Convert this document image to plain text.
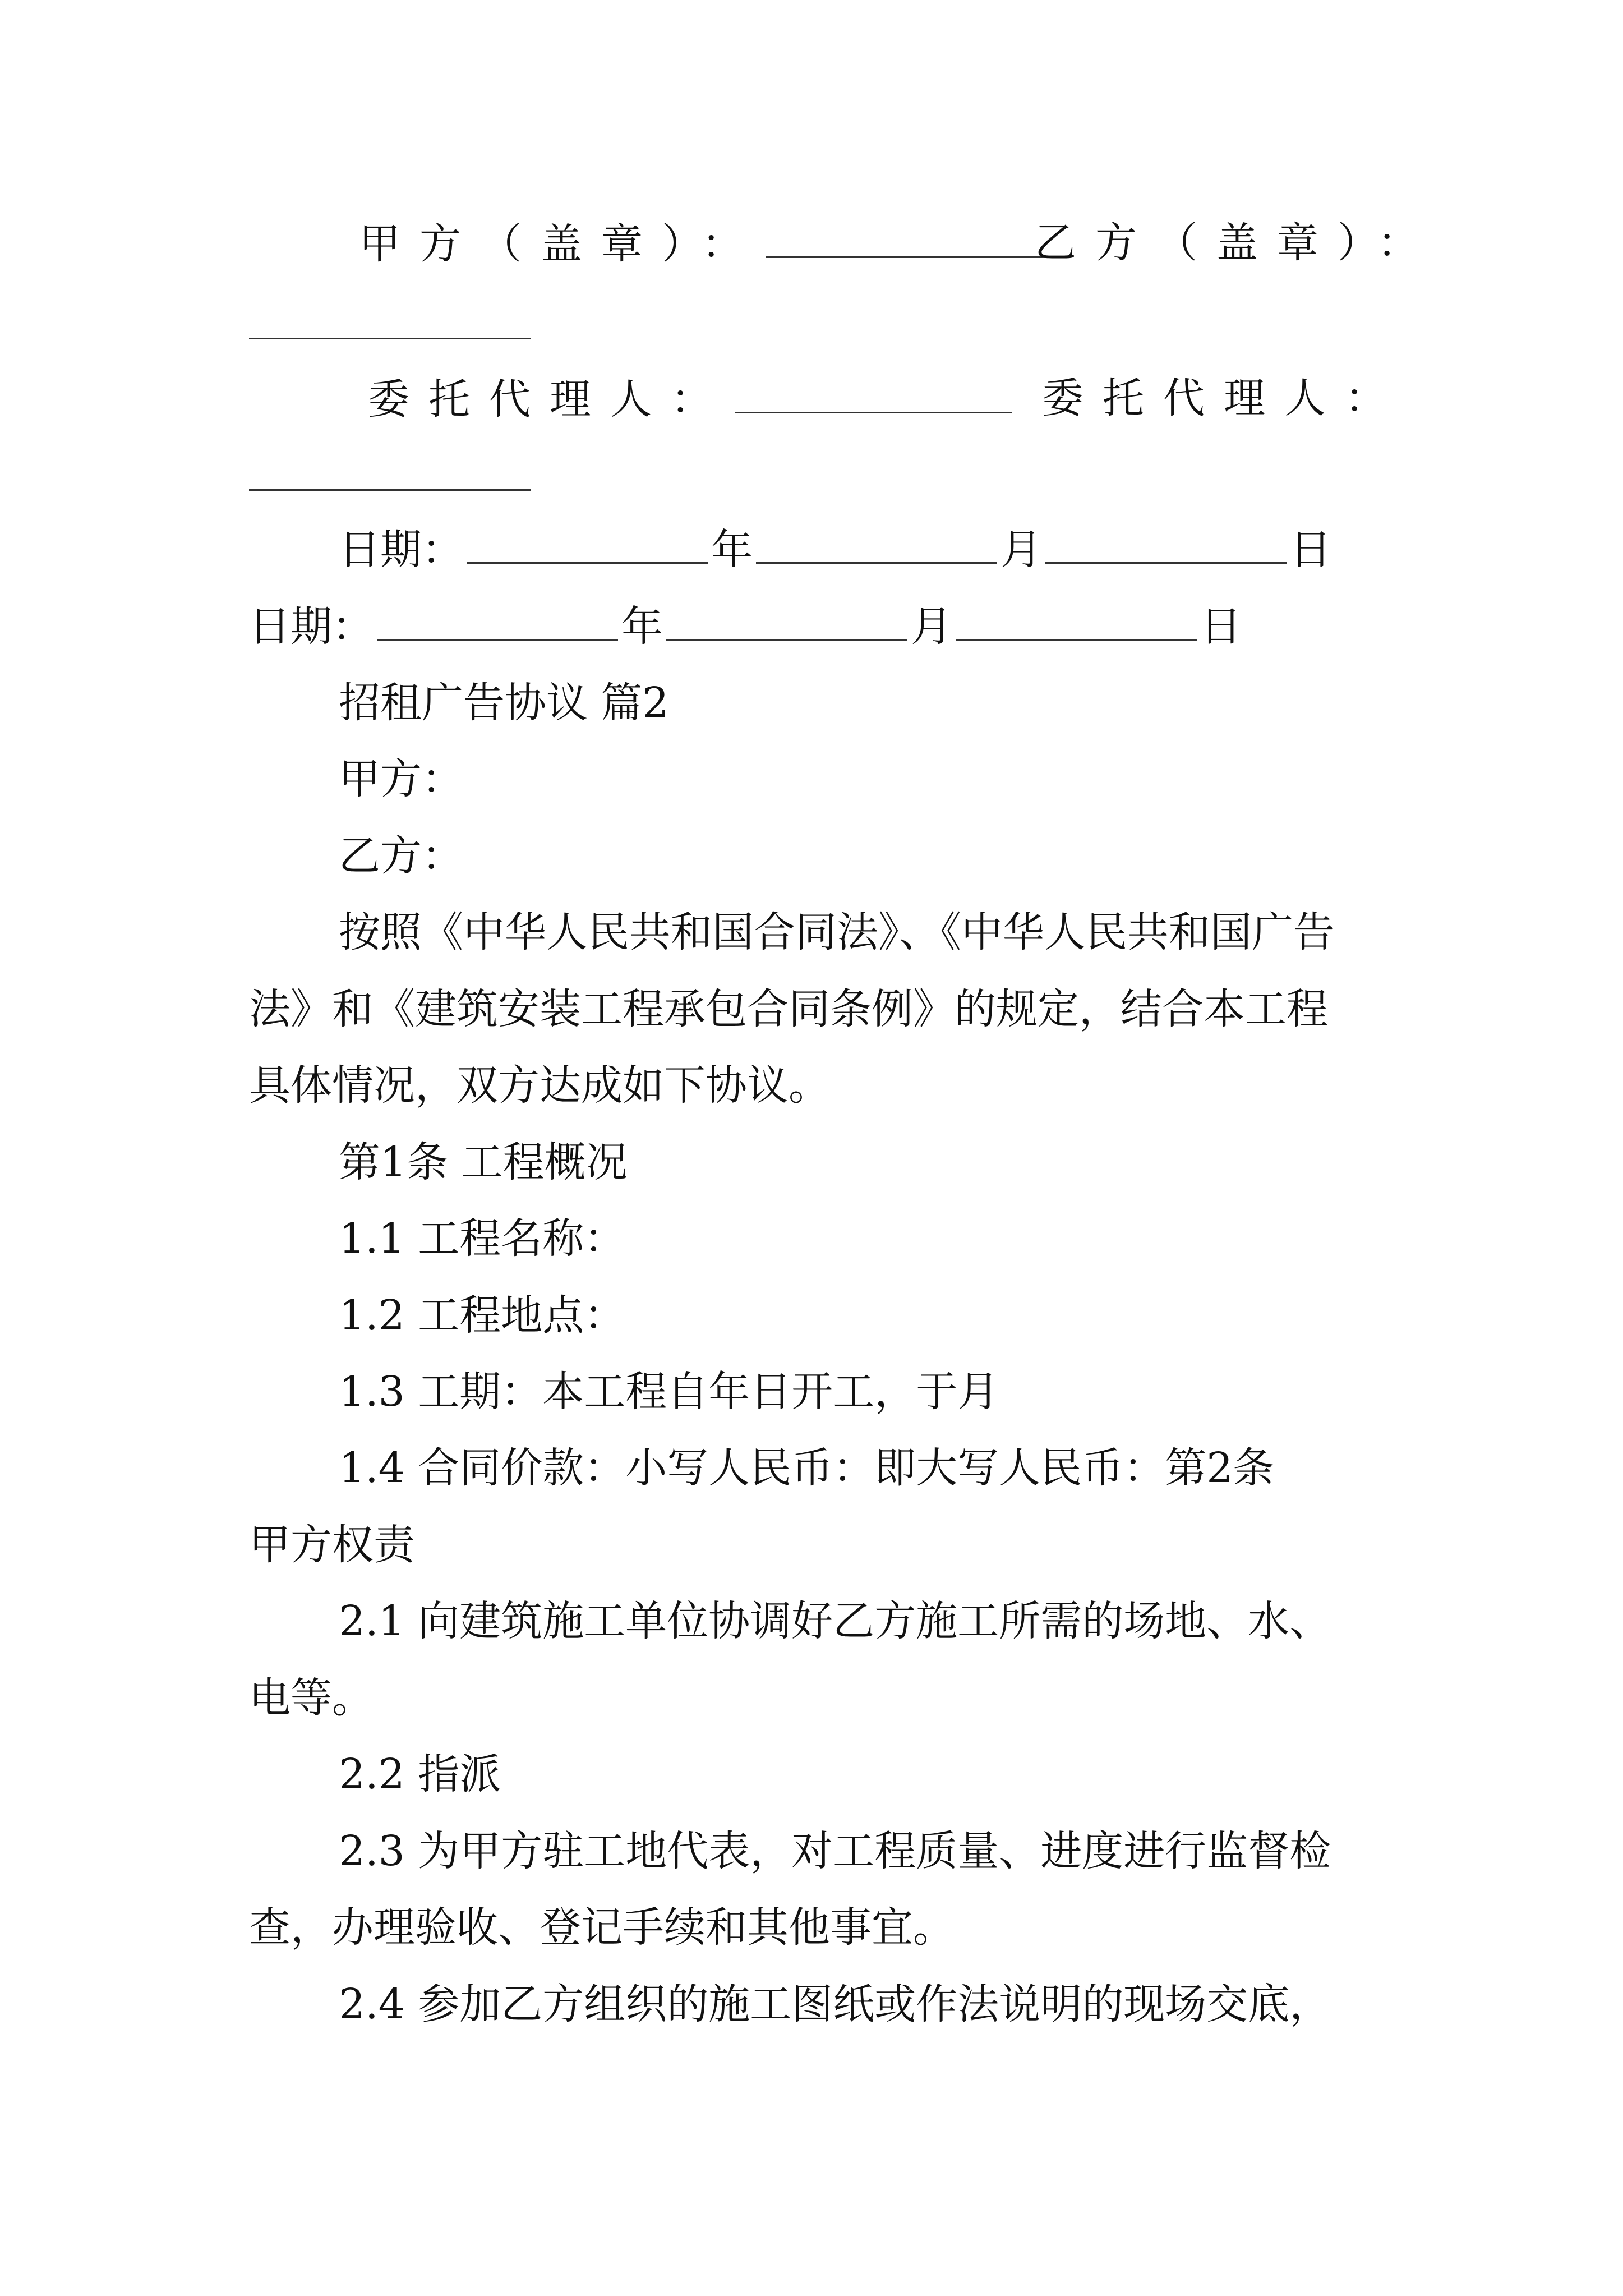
甲方（盖章）：	乙方（盖章）：
委托代理人：	委托代理人：
日期：	年	月	日
日期：	年	月	日
招租广告协议 篇2
甲方：
乙方：
按照《中华人民共和国合同法》、《中华人民共和国广告
法》和《建筑安装工程承包合同条例》的规定，结合本工程
具体情况，双方达成如下协议。
第1条 工程概况
1.1 工程名称：
1.2 工程地点：
1.3 工期：本工程自年日开工，于月
1.4 合同价款：小写人民币：即大写人民币：第2条
甲方权责
2.1 向建筑施工单位协调好乙方施工所需的场地、水、
电等。
2.2 指派
2.3 为甲方驻工地代表，对工程质量、进度进行监督检
查，办理验收、登记手续和其他事宜。
2.4 参加乙方组织的施工图纸或作法说明的现场交底，
